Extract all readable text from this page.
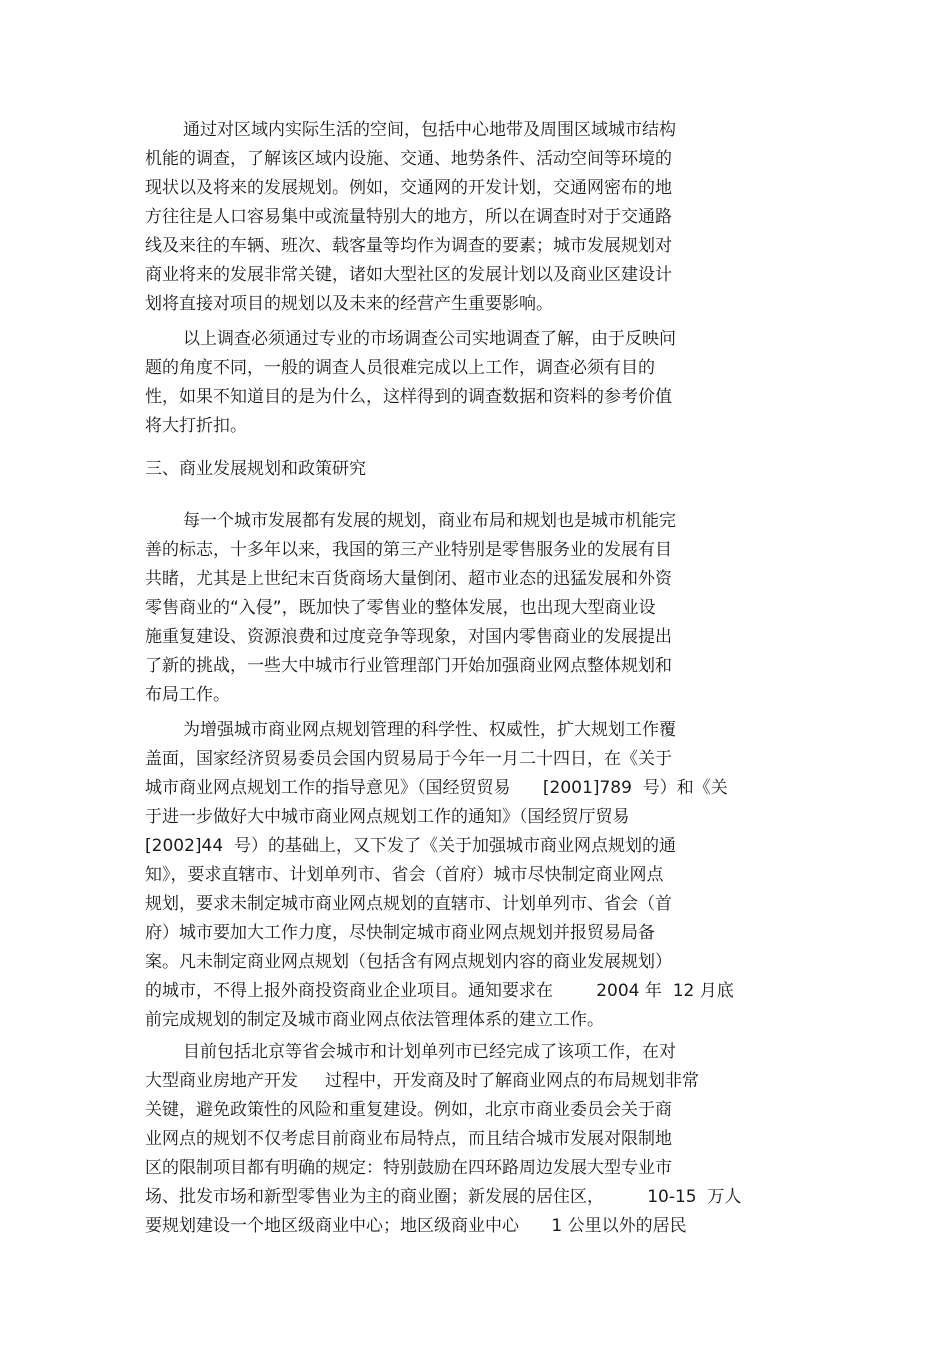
通过对区域内实际生活的空间，包括中心地带及周围区域城市结构
机能的调查，了解该区域内设施、交通、地势条件、活动空间等环境的
现状以及将来的发展规划。例如，交通网的开发计划，交通网密布的地
方往往是人口容易集中或流量特别大的地方，所以在调查时对于交通路
线及来往的车辆、班次、载客量等均作为调查的要素；城市发展规划对
商业将来的发展非常关键，诸如大型社区的发展计划以及商业区建设计
划将直接对项目的规划以及未来的经营产生重要影响。
以上调查必须通过专业的市场调查公司实地调查了解，由于反映问
题的角度不同，一般的调查人员很难完成以上工作，调查必须有目的
性，如果不知道目的是为什么，这样得到的调查数据和资料的参考价值
将大打折扣。
三、商业发展规划和政策研究
每一个城市发展都有发展的规划，商业布局和规划也是城市机能完
善的标志，十多年以来，我国的第三产业特别是零售服务业的发展有目
共睹，尤其是上世纪末百货商场大量倒闭、超市业态的迅猛发展和外资
零售商业的“入侵”，既加快了零售业的整体发展，也出现大型商业设
施重复建设、资源浪费和过度竞争等现象，对国内零售商业的发展提出
了新的挑战，一些大中城市行业管理部门开始加强商业网点整体规划和
布局工作。
为增强城市商业网点规划管理的科学性、权威性，扩大规划工作覆
盖面，国家经济贸易委员会国内贸易局于今年一月二十四日，在《关于
城市商业网点规划工作的指导意见》（国经贸贸易      [2001]789  号）和《关
于进一步做好大中城市商业网点规划工作的通知》（国经贸厅贸易
[2002]44  号）的基础上，又下发了《关于加强城市商业网点规划的通
知》，要求直辖市、计划单列市、省会（首府）城市尽快制定商业网点
规划，要求未制定城市商业网点规划的直辖市、计划单列市、省会（首
府）城市要加大工作力度，尽快制定城市商业网点规划并报贸易局备
案。凡未制定商业网点规划（包括含有网点规划内容的商业发展规划）
的城市，不得上报外商投资商业企业项目。通知要求在        2004 年  12 月底
前完成规划的制定及城市商业网点依法管理体系的建立工作。
目前包括北京等省会城市和计划单列市已经完成了该项工作，在对
大型商业房地产开发     过程中，开发商及时了解商业网点的布局规划非常
关键，避免政策性的风险和重复建设。例如，北京市商业委员会关于商
业网点的规划不仅考虑目前商业布局特点，而且结合城市发展对限制地
区的限制项目都有明确的规定：特别鼓励在四环路周边发展大型专业市
场、批发市场和新型零售业为主的商业圈；新发展的居住区，        10-15  万人
要规划建设一个地区级商业中心；地区级商业中心      1 公里以外的居民
